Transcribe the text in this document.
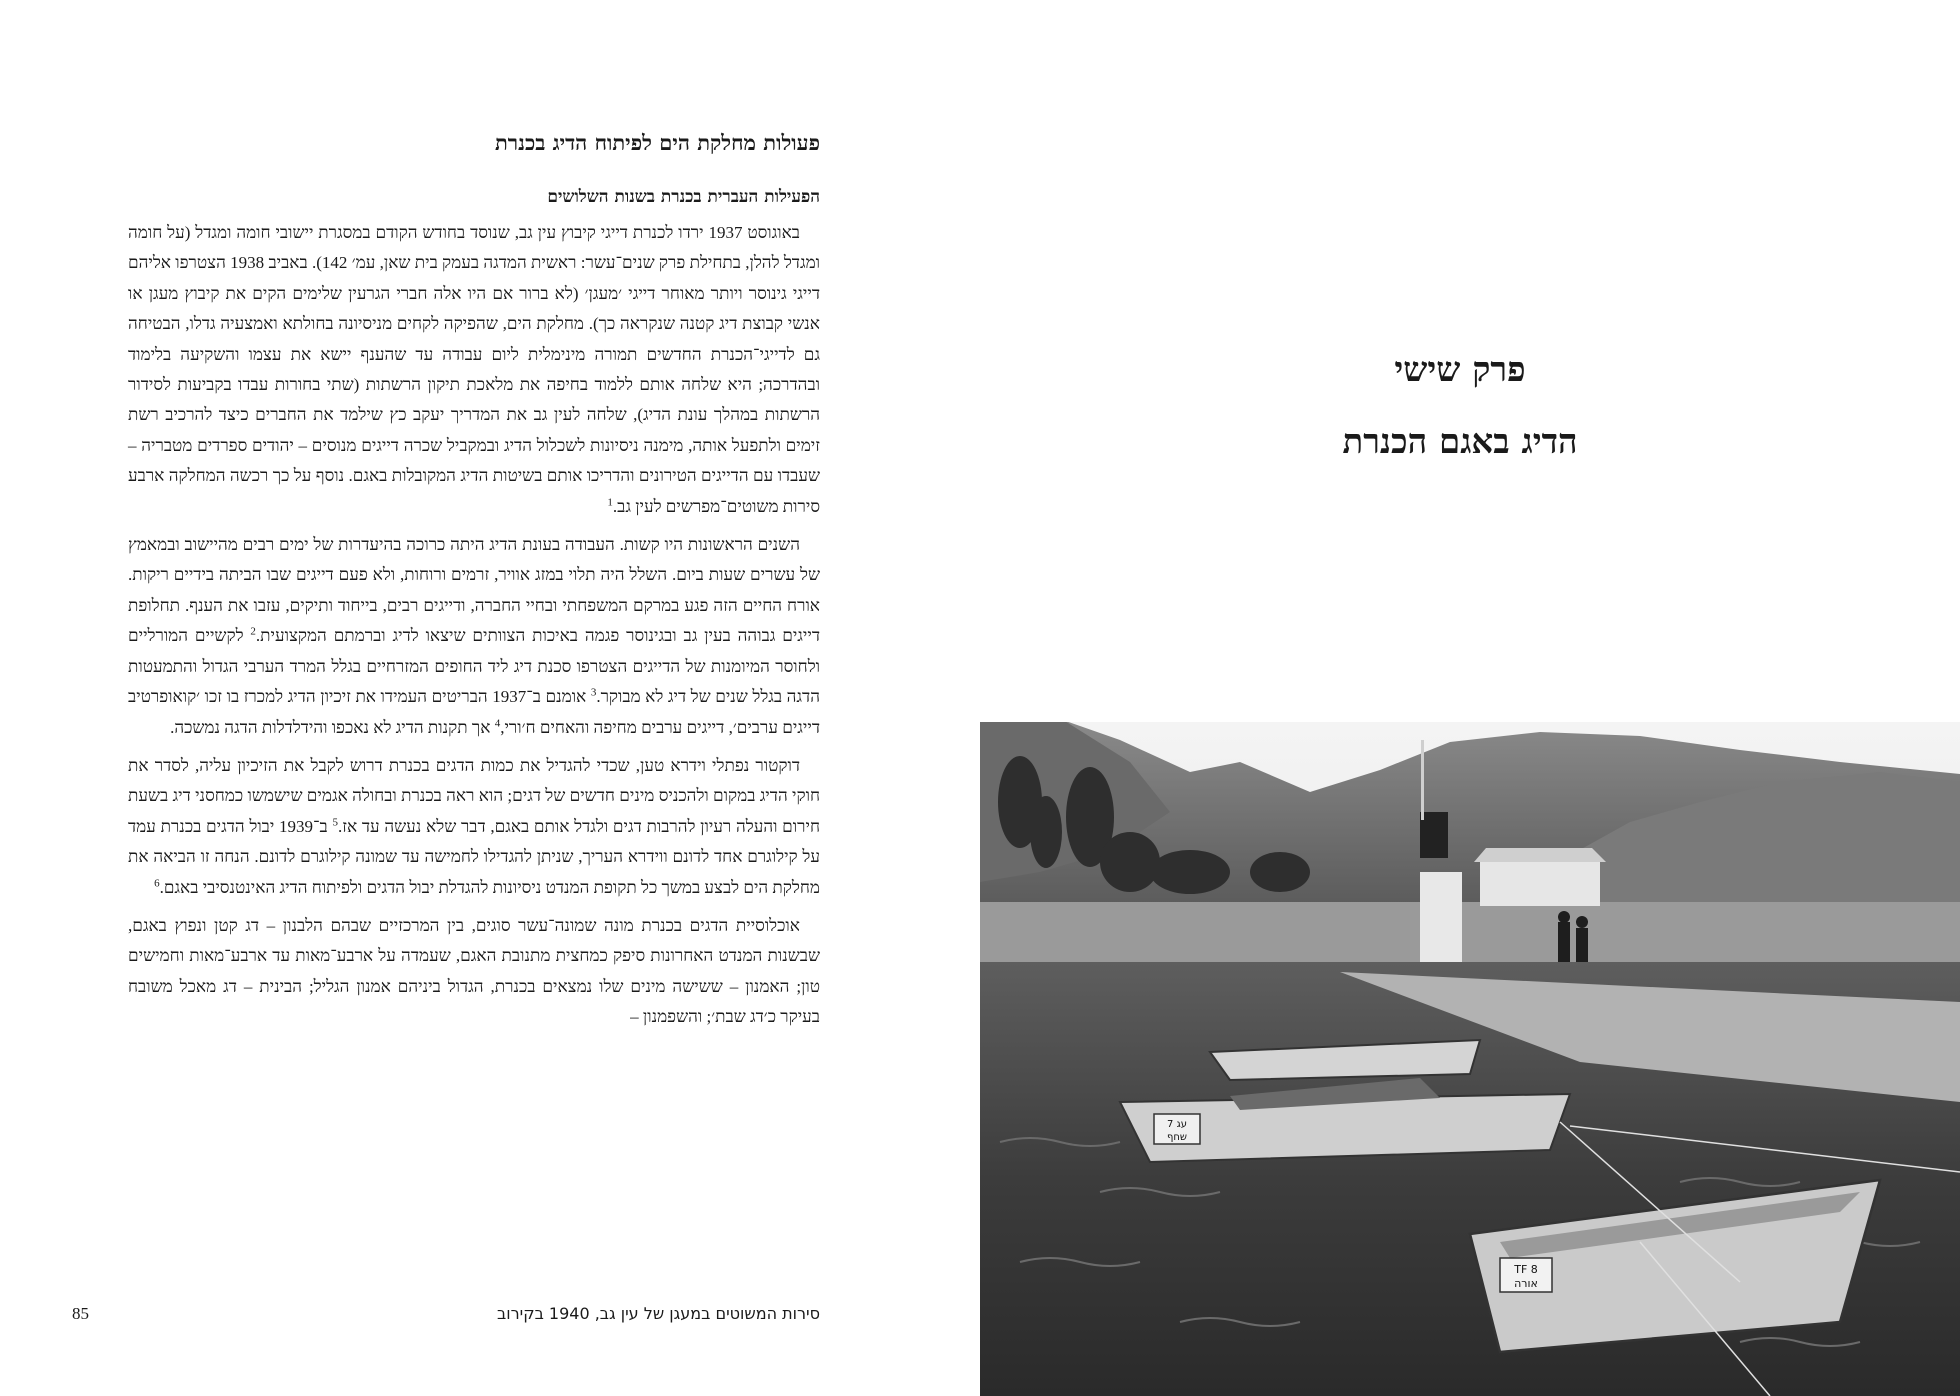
פעולות מחלקת הים לפיתוח הדיג בכנרת
הפעילות העברית בכנרת בשנות השלושים

באוגוסט 1937 ירדו לכנרת דייגי קיבוץ עין גב, שנוסד בחודש הקודם במסגרת יישובי חומה ומגדל (על חומה ומגדל להלן, בתחילת פרק שנים־עשר: ראשית המדגה בעמק בית שאן, עמ׳ 142). באביב 1938 הצטרפו אליהם דייגי גינוסר ויותר מאוחר דייגי ׳מעגן׳ (לא ברור אם היו אלה חברי הגרעין שלימים הקים את קיבוץ מעגן או אנשי קבוצת דיג קטנה שנקראה כך). מחלקת הים, שהפיקה לקחים מניסיונה בחולתא ואמצעיה גדלו, הבטיחה גם לדייגי־הכנרת החדשים תמורה מינימלית ליום עבודה עד שהענף יישא את עצמו והשקיעה בלימוד ובהדרכה; היא שלחה אותם ללמוד בחיפה את מלאכת תיקון הרשתות (שתי בחורות עבדו בקביעות לסידור הרשתות במהלך עונת הדיג), שלחה לעין גב את המדריך יעקב כץ שילמד את החברים כיצד להרכיב רשת זימים ולתפעל אותה, מימנה ניסיונות לשכלול הדיג ובמקביל שכרה דייגים מנוסים – יהודים ספרדים מטבריה – שעבדו עם הדייגים הטירונים והדריכו אותם בשיטות הדיג המקובלות באגם. נוסף על כך רכשה המחלקה ארבע סירות משוטים־מפרשים לעין גב.$^1$

השנים הראשונות היו קשות. העבודה בעונת הדיג היתה כרוכה בהיעדרות של ימים רבים מהיישוב ובמאמץ של עשרים שעות ביום. השלל היה תלוי במזג אוויר, זרמים ורוחות, ולא פעם דייגים שבו הביתה בידיים ריקות. אורח החיים הזה פגע במרקם המשפחתי ובחיי החברה, ודייגים רבים, בייחוד ותיקים, עזבו את הענף. תחלופת דייגים גבוהה בעין גב ובגינוסר פגמה באיכות הצוותים שיצאו לדיג וברמתם המקצועית.$^2$ לקשיים המורליים ולחוסר המיומנות של הדייגים הצטרפו סכנת דיג ליד החופים המזרחיים בגלל המרד הערבי הגדול והתמעטות הדגה בגלל שנים של דיג לא מבוקר.$^3$ אומנם ב־1937 הבריטים העמידו את זיכיון הדיג למכרז בו זכו ׳קואופרטיב דייגים ערבים׳, דייגים ערבים מחיפה והאחים ח׳ורי,$^4$ אך תקנות הדיג לא נאכפו והידלדלות הדגה נמשכה.

דוקטור נפתלי וידרא טען, שכדי להגדיל את כמות הדגים בכנרת דרוש לקבל את הזיכיון עליה, לסדר את חוקי הדיג במקום ולהכניס מינים חדשים של דגים; הוא ראה בכנרת ובחולה אגמים שישמשו כמחסני דיג בשעת חירום והעלה רעיון להרבות דגים ולגדל אותם באגם, דבר שלא נעשה עד אז.$^5$ ב־1939 יבול הדגים בכנרת עמד על קילוגרם אחד לדונם ווידרא העריך, שניתן להגדילו לחמישה עד שמונה קילוגרם לדונם. הנחה זו הביאה את מחלקת הים לבצע במשך כל תקופת המנדט ניסיונות להגדלת יבול הדגים ולפיתוח הדיג האינטנסיבי באגם.$^6$

אוכלוסיית הדגים בכנרת מונה שמונה־עשר סוגים, בין המרכזיים שבהם הלבנון – דג קטן ונפוץ באגם, שבשנות המנדט האחרונות סיפק כמחצית מתנובת האגם, שעמדה על ארבע־מאות עד ארבע־מאות וחמישים טון; האמנון – ששישה מינים שלו נמצאים בכנרת, הגדול ביניהם אמנון הגליל; הבינית – דג מאכל משובח בעיקר כ׳דג שבת׳; והשפמנון –

85	סירות המשוטים במעגן של עין גב, 1940 בקירוב
פרק שישי
הדיג באגם הכנרת
עג 7
שחף
TF 8
אורה
